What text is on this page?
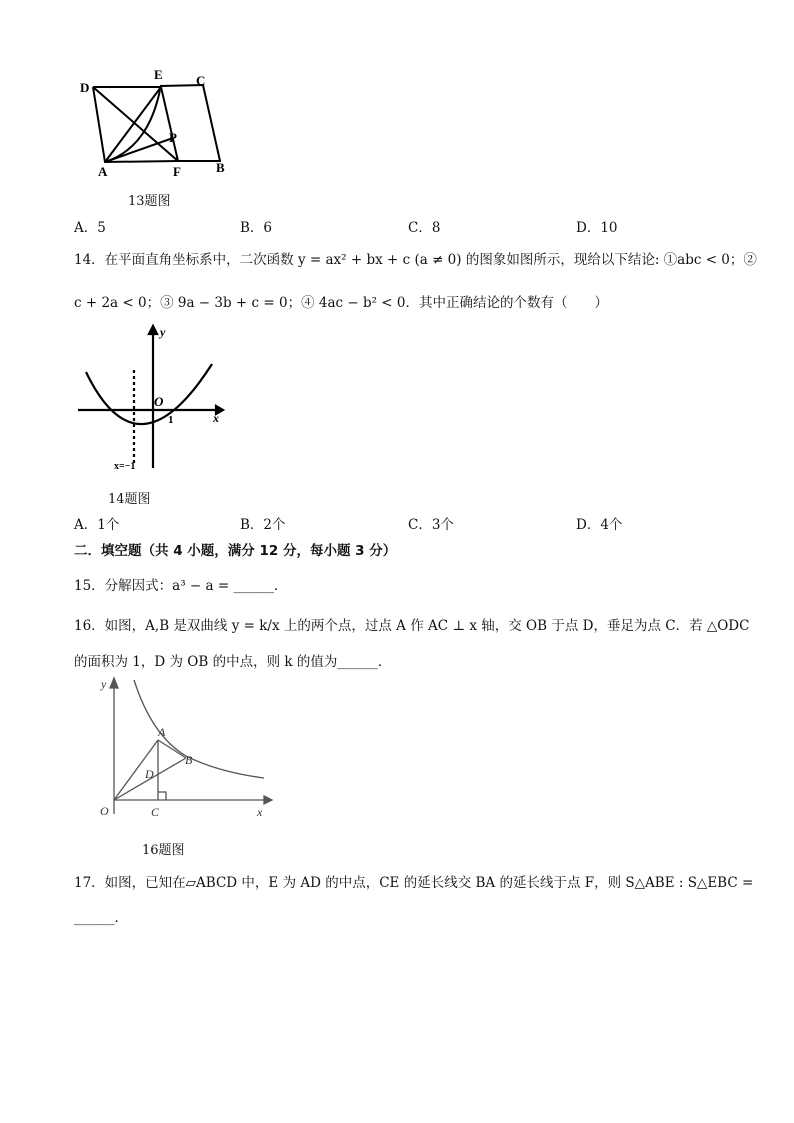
D
E	C
P
A	F	B
13题图
A．5	B．6	C．8	D．10
14．在平面直角坐标系中，二次函数 y = ax² + bx + c (a ≠ 0) 的图象如图所示，现给以下结论: ①abc < 0；②
c + 2a < 0；③ 9a − 3b + c = 0；④ 4ac − b² < 0．其中正确结论的个数有（　　）
y
x
O
1
x=−1
14题图
A．1个	B．2个	C．3个	D．4个
二．填空题（共 4 小题，满分 12 分，每小题 3 分）
15．分解因式：a³ − a = ______．
16．如图，A,B 是双曲线 y = k/x 上的两个点，过点 A 作 AC ⊥ x 轴，交 OB 于点 D，垂足为点 C．若 △ODC
的面积为 1，D 为 OB 的中点，则 k 的值为______．
y
x
O
A
B
C
D
16题图
17．如图，已知在▱ABCD 中，E 为 AD 的中点，CE 的延长线交 BA 的延长线于点 F，则 S△ABE : S△EBC =
______．
